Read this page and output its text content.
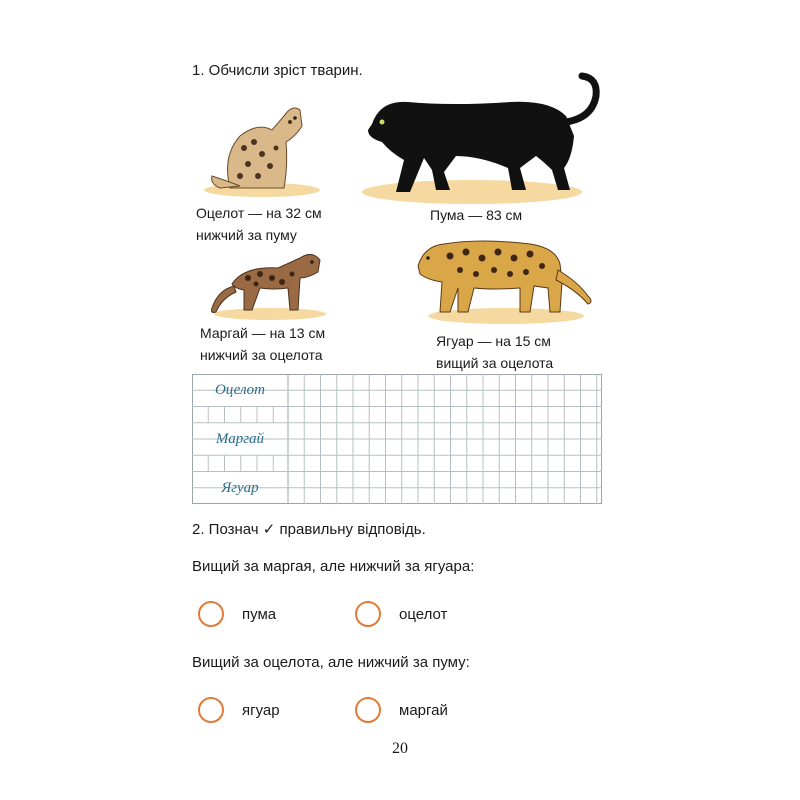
1. Обчисли зріст тварин.
Оцелот — на 32 см
нижчий за пуму
Пума — 83 см
Маргай — на 13 см
нижчий за оцелота
Ягуар — на 15 см
вищий за оцелота
Оцелот
Маргай
Ягуар
2. Познач ✓ правильну відповідь.
Вищий за маргая, але нижчий за ягуара:
пума	оцелот
Вищий за оцелота, але нижчий за пуму:
ягуар	маргай
20
